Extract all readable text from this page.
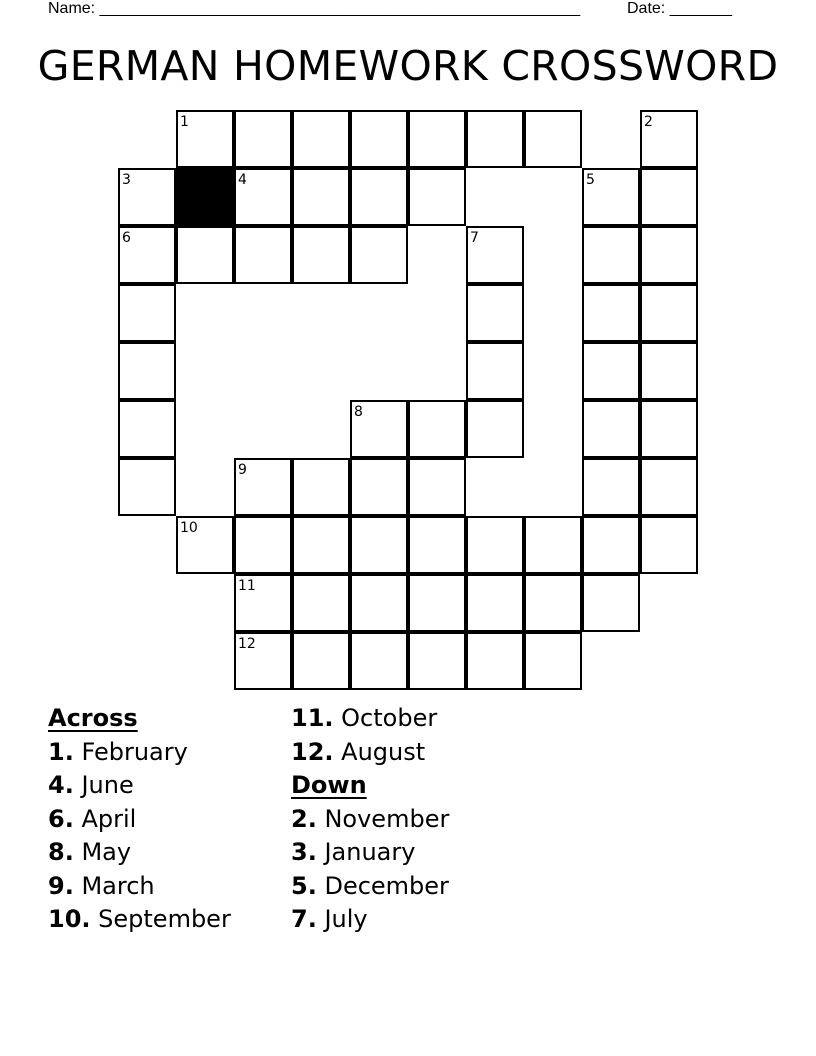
Name: ______________________________________________________	Date: _______
GERMAN HOMEWORK CROSSWORD
1	2
3	4	5
6	7
8
9
10
11
12
Across
1. February
4. June
6. April
8. May
9. March
10. September
11. October
12. August
Down
2. November
3. January
5. December
7. July
